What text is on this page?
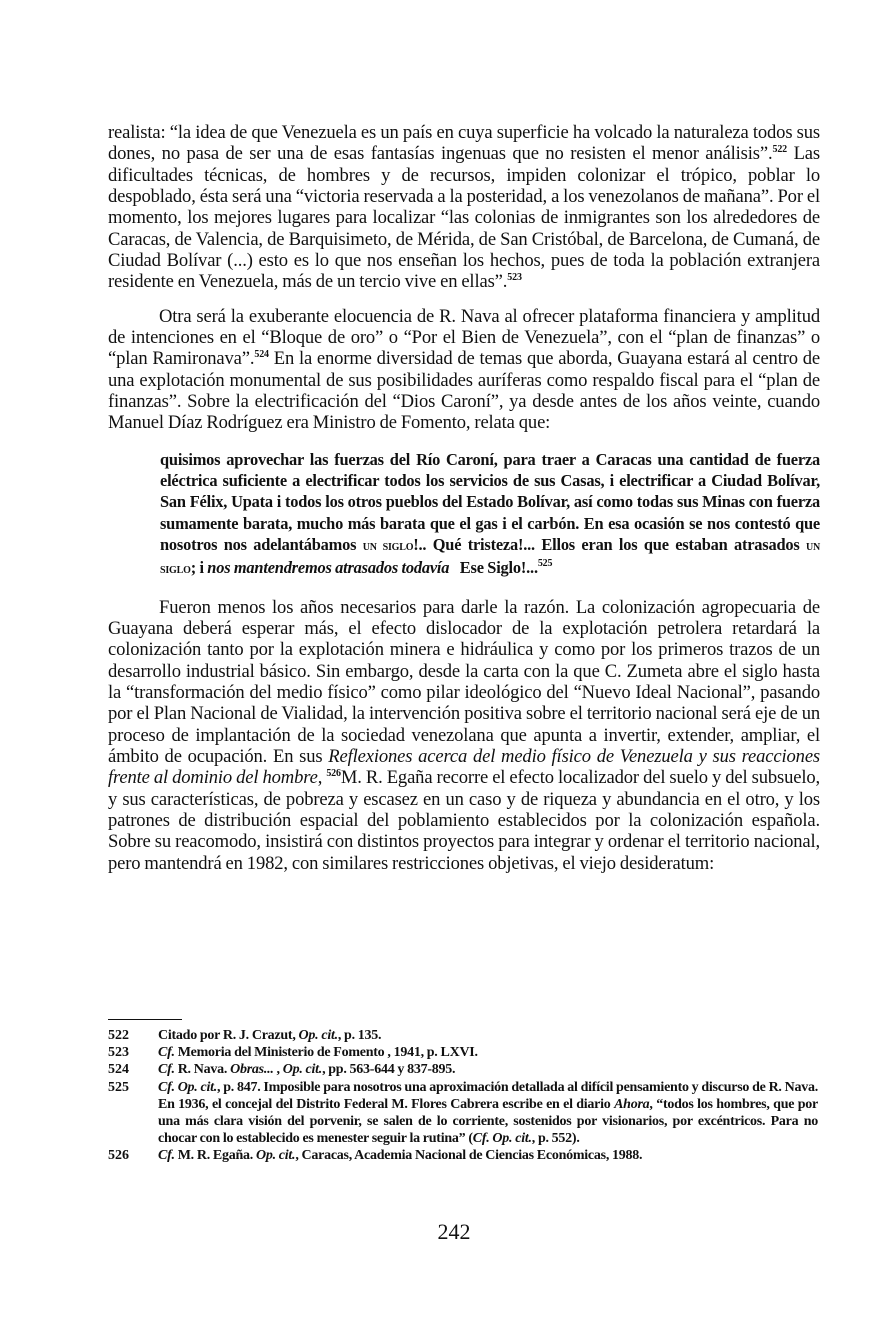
realista: “la idea de que Venezuela es un país en cuya superficie ha volcado la naturaleza todos sus dones, no pasa de ser una de esas fantasías ingenuas que no resisten el menor análisis”.$^{522}$ Las dificultades técnicas, de hombres y de recursos, impiden colonizar el trópico, poblar lo despoblado, ésta será una “victoria reservada a la posteridad, a los venezolanos de mañana”. Por el momento, los mejores lugares para localizar “las colonias de inmigrantes son los alrededores de Caracas, de Valencia, de Barquisimeto, de Mérida, de San Cristóbal, de Barcelona, de Cumaná, de Ciudad Bolívar (...) esto es lo que nos enseñan los hechos, pues de toda la población extranjera residente en Venezuela, más de un tercio vive en ellas”.$^{523}$

Otra será la exuberante elocuencia de R. Nava al ofrecer plataforma financiera y amplitud de intenciones en el “Bloque de oro” o “Por el Bien de Venezuela”, con el “plan de finanzas” o “plan Ramironava”.$^{524}$ En la enorme diversidad de temas que aborda, Guayana estará al centro de una explotación monumental de sus posibilidades auríferas como respaldo fiscal para el “plan de finanzas”. Sobre la electrificación del “Dios Caroní”, ya desde antes de los años veinte, cuando Manuel Díaz Rodríguez era Ministro de Fomento, relata que:

quisimos aprovechar las fuerzas del Río Caroní, para traer a Caracas una cantidad de fuerza eléctrica suficiente a electrificar todos los servicios de sus Casas, i electrificar a Ciudad Bolívar, San Félix, Upata i todos los otros pueblos del Estado Bolívar, así como todas sus Minas con fuerza sumamente barata, mucho más barata que el gas i el carbón. En esa ocasión se nos contestó que nosotros nos adelantábamos un siglo!.. Qué tristeza!... Ellos eran los que estaban atrasados un siglo; i nos mantendremos atrasados todavía   Ese Siglo!...$^{525}$

Fueron menos los años necesarios para darle la razón. La colonización agropecuaria de Guayana deberá esperar más, el efecto dislocador de la explotación petrolera retardará la colonización tanto por la explotación minera e hidráulica y como por los primeros trazos de un desarrollo industrial básico. Sin embargo, desde la carta con la que C. Zumeta abre el siglo hasta la “transformación del medio físico” como pilar ideológico del “Nuevo Ideal Nacional”, pasando por el Plan Nacional de Vialidad, la intervención positiva sobre el territorio nacional será eje de un proceso de implantación de la sociedad venezolana que apunta a invertir, extender, ampliar, el ámbito de ocupación. En sus Reflexiones acerca del medio físico de Venezuela y sus reacciones frente al dominio del hombre, $^{526}$M. R. Egaña recorre el efecto localizador del suelo y del subsuelo, y sus características, de pobreza y escasez en un caso y de riqueza y abundancia en el otro, y los patrones de distribución espacial del poblamiento establecidos por la colonización española. Sobre su reacomodo, insistirá con distintos proyectos para integrar y ordenar el territorio nacional, pero mantendrá en 1982, con similares restricciones objetivas, el viejo desideratum:

522	Citado por R. J. Crazut, Op. cit., p. 135.
523	Cf. Memoria del Ministerio de Fomento , 1941, p. LXVI.
524	Cf. R. Nava. Obras... , Op. cit., pp. 563-644 y 837-895.
525	Cf. Op. cit., p. 847. Imposible para nosotros una aproximación detallada al difícil pensamiento y discurso de R. Nava. En 1936, el concejal del Distrito Federal M. Flores Cabrera escribe en el diario Ahora, “todos los hombres, que por una más clara visión del porvenir, se salen de lo corriente, sostenidos por visionarios, por excéntricos. Para no chocar con lo establecido es menester seguir la rutina” (Cf. Op. cit., p. 552).
526	Cf. M. R. Egaña. Op. cit., Caracas, Academia Nacional de Ciencias Económicas, 1988.
242
